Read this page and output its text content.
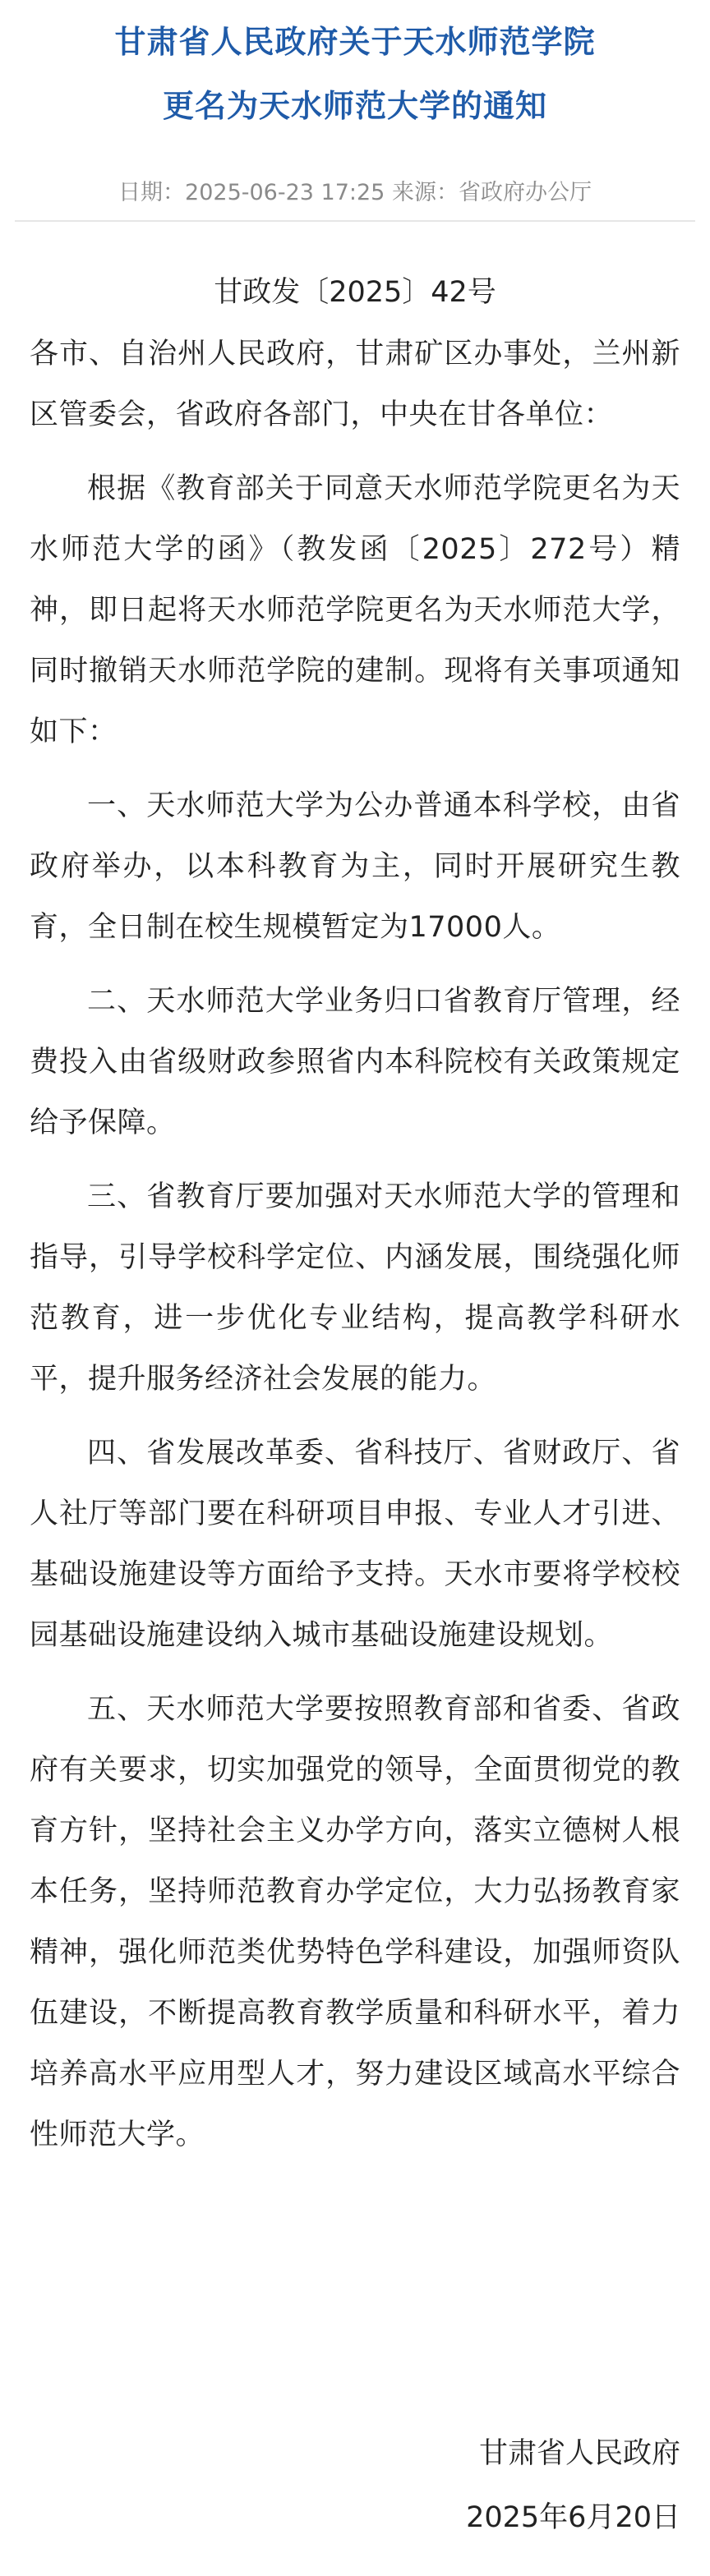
甘肃省人民政府关于天水师范学院
更名为天水师范大学的通知
日期：2025-06-23 17:25 来源：省政府办公厅
甘政发〔2025〕42号

各市、自治州人民政府，甘肃矿区办事处，兰州新区管委会，省政府各部门，中央在甘各单位：

根据《教育部关于同意天水师范学院更名为天水师范大学的函》（教发函〔2025〕272号）精神，即日起将天水师范学院更名为天水师范大学，同时撤销天水师范学院的建制。现将有关事项通知如下：

一、天水师范大学为公办普通本科学校，由省政府举办，以本科教育为主，同时开展研究生教育，全日制在校生规模暂定为17000人。

二、天水师范大学业务归口省教育厅管理，经费投入由省级财政参照省内本科院校有关政策规定给予保障。

三、省教育厅要加强对天水师范大学的管理和指导，引导学校科学定位、内涵发展，围绕强化师范教育，进一步优化专业结构，提高教学科研水平，提升服务经济社会发展的能力。

四、省发展改革委、省科技厅、省财政厅、省人社厅等部门要在科研项目申报、专业人才引进、基础设施建设等方面给予支持。天水市要将学校校园基础设施建设纳入城市基础设施建设规划。

五、天水师范大学要按照教育部和省委、省政府有关要求，切实加强党的领导，全面贯彻党的教育方针，坚持社会主义办学方向，落实立德树人根本任务，坚持师范教育办学定位，大力弘扬教育家精神，强化师范类优势特色学科建设，加强师资队伍建设，不断提高教育教学质量和科研水平，着力培养高水平应用型人才，努力建设区域高水平综合性师范大学。

甘肃省人民政府
2025年6月20日
